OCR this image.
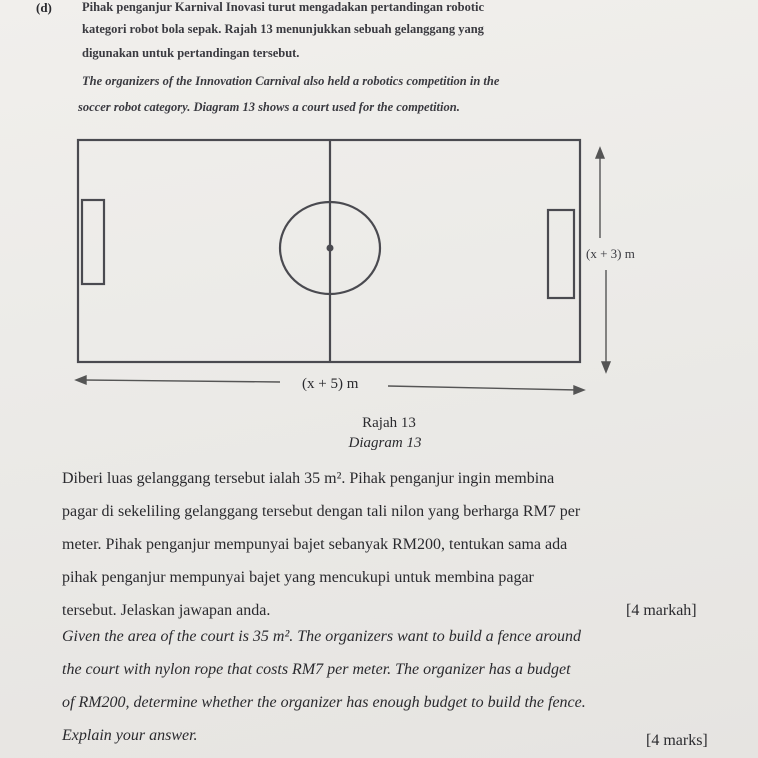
(d) Pihak penganjur Karnival Inovasi turut mengadakan pertandingan robotic
kategori robot bola sepak. Rajah 13 menunjukkan sebuah gelanggang yang
digunakan untuk pertandingan tersebut.
The organizers of the Innovation Carnival also held a robotics competition in the
soccer robot category. Diagram 13 shows a court used for the competition.
(x + 3) m
(x + 5) m
Rajah 13
Diagram 13
Diberi luas gelanggang tersebut ialah 35 m². Pihak penganjur ingin membina
pagar di sekeliling gelanggang tersebut dengan tali nilon yang berharga RM7 per
meter. Pihak penganjur mempunyai bajet sebanyak RM200, tentukan sama ada
pihak penganjur mempunyai bajet yang mencukupi untuk membina pagar
tersebut. Jelaskan jawapan anda.	[4 markah]
Given the area of the court is 35 m². The organizers want to build a fence around
the court with nylon rope that costs RM7 per meter. The organizer has a budget
of RM200, determine whether the organizer has enough budget to build the fence.
Explain your answer.	[4 marks]
